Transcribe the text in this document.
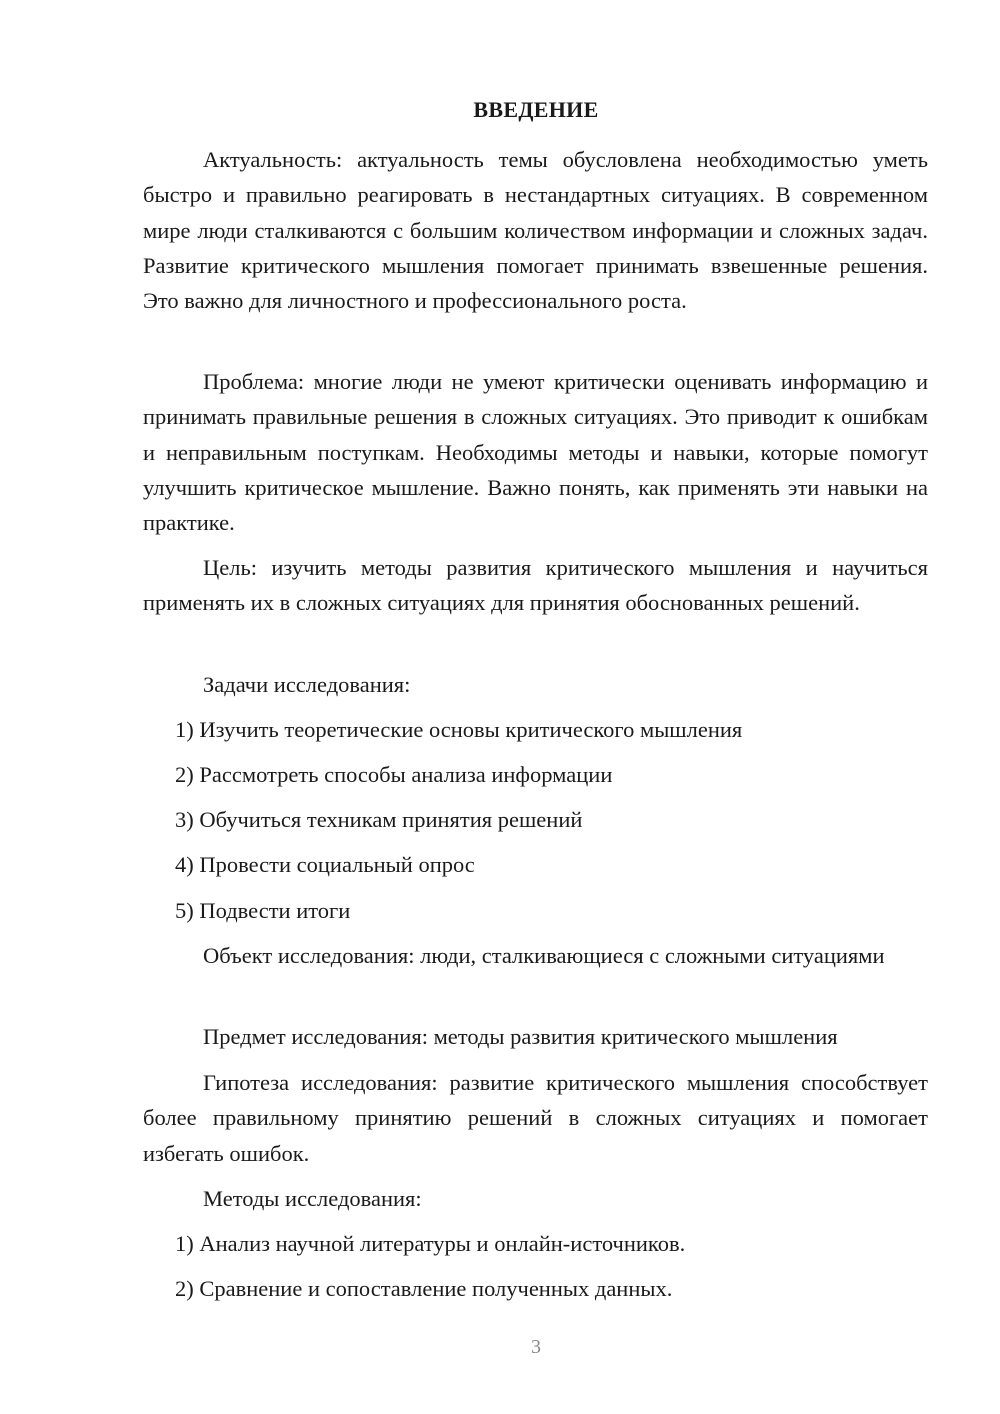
ВВЕДЕНИЕ

Актуальность: актуальность темы обусловлена необходимостью уметь быстро и правильно реагировать в нестандартных ситуациях. В современном мире люди сталкиваются с большим количеством информации и сложных задач. Развитие критического мышления помогает принимать взвешенные решения. Это важно для личностного и профессионального роста.

Проблема: многие люди не умеют критически оценивать информацию и принимать правильные решения в сложных ситуациях. Это приводит к ошибкам и неправильным поступкам. Необходимы методы и навыки, которые помогут улучшить критическое мышление. Важно понять, как применять эти навыки на практике.

Цель: изучить методы развития критического мышления и научиться применять их в сложных ситуациях для принятия обоснованных решений.

Задачи исследования:

1) Изучить теоретические основы критического мышления

2) Рассмотреть способы анализа информации

3) Обучиться техникам принятия решений

4) Провести социальный опрос

5) Подвести итоги

Объект исследования: люди, сталкивающиеся с сложными ситуациями

Предмет исследования: методы развития критического мышления

Гипотеза исследования: развитие критического мышления способствует более правильному принятию решений в сложных ситуациях и помогает избегать ошибок.

Методы исследования:

1) Анализ научной литературы и онлайн-источников.

2) Сравнение и сопоставление полученных данных.

3
